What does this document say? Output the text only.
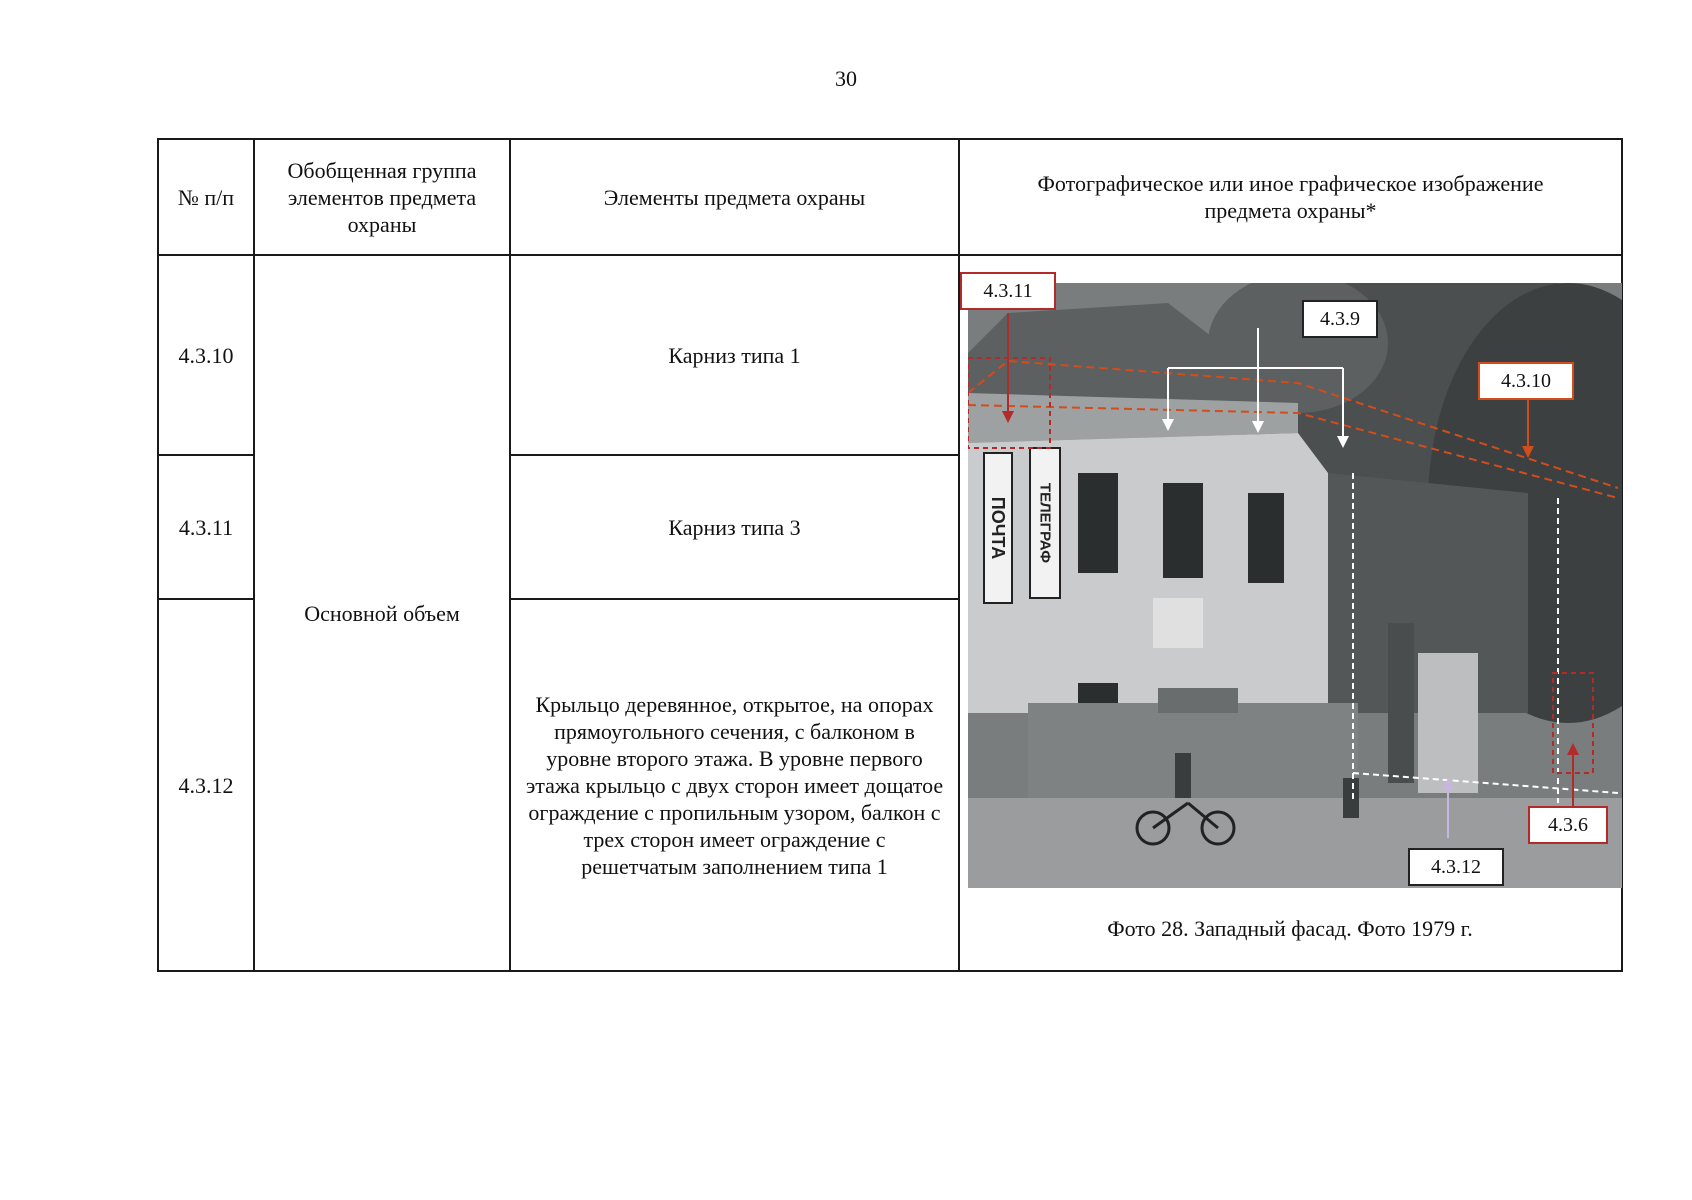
30
№ п/п
Обобщенная группа элементов предмета охраны
Элементы предмета охраны
Фотографическое или иное графическое изображение предмета охраны*
4.3.10
4.3.11
4.3.12
Основной объем
Карниз типа 1
Карниз типа 3
Крыльцо деревянное, открытое, на опорах прямоугольного сечения, с балконом в уровне второго этажа. В уровне первого этажа крыльцо с двух сторон имеет дощатое ограждение с пропильным узором, балкон с трех сторон имеет ограждение с решетчатым заполнением типа 1
ПОЧТА ТЕЛЕГРАФ
4.3.11
4.3.9
4.3.10
4.3.6
4.3.12
Фото 28. Западный фасад. Фото 1979 г.
